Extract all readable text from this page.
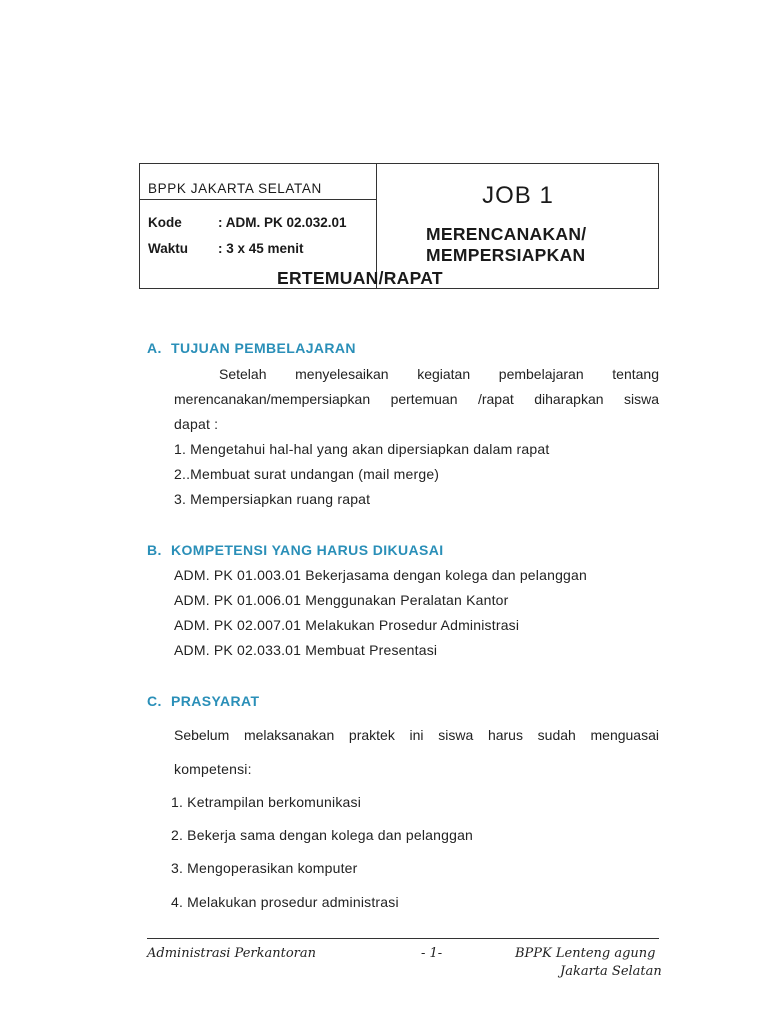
BPPK JAKARTA SELATAN
Kode	: ADM. PK 02.032.01
Waktu : 3 x 45 menit
JOB 1
MERENCANAKAN/
MEMPERSIAPKAN
ERTEMUAN/RAPAT
A. TUJUAN PEMBELAJARAN
Setelah menyelesaikan kegiatan pembelajaran tentang
merencanakan/mempersiapkan pertemuan /rapat diharapkan siswa
dapat :
1. Mengetahui hal-hal yang akan dipersiapkan dalam rapat
2..Membuat surat undangan (mail merge)
3. Mempersiapkan ruang rapat
B. KOMPETENSI YANG HARUS DIKUASAI
ADM. PK 01.003.01 Bekerjasama dengan kolega dan pelanggan
ADM. PK 01.006.01 Menggunakan Peralatan Kantor
ADM. PK 02.007.01 Melakukan Prosedur Administrasi
ADM. PK 02.033.01 Membuat Presentasi
C. PRASYARAT
Sebelum melaksanakan praktek ini siswa harus sudah menguasai
kompetensi:
1. Ketrampilan berkomunikasi
2. Bekerja sama dengan kolega dan pelanggan
3. Mengoperasikan komputer
4. Melakukan prosedur administrasi
Administrasi Perkantoran	- 1-	BPPK Lenteng agung
Jakarta Selatan
